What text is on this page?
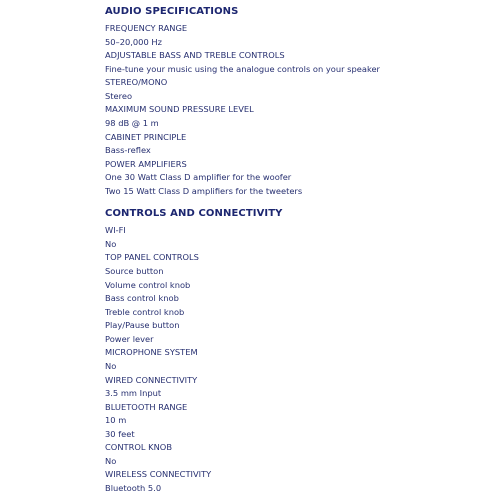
AUDIO SPECIFICATIONS
FREQUENCY RANGE
50–20,000 Hz
ADJUSTABLE BASS AND TREBLE CONTROLS
Fine-tune your music using the analogue controls on your speaker
STEREO/MONO
Stereo
MAXIMUM SOUND PRESSURE LEVEL
98 dB @ 1 m
CABINET PRINCIPLE
Bass-reflex
POWER AMPLIFIERS
One 30 Watt Class D amplifier for the woofer
Two 15 Watt Class D amplifiers for the tweeters
CONTROLS AND CONNECTIVITY
WI-FI
No
TOP PANEL CONTROLS
Source button
Volume control knob
Bass control knob
Treble control knob
Play/Pause button
Power lever
MICROPHONE SYSTEM
No
WIRED CONNECTIVITY
3.5 mm Input
BLUETOOTH RANGE
10 m
30 feet
CONTROL KNOB
No
WIRELESS CONNECTIVITY
Bluetooth 5.0
